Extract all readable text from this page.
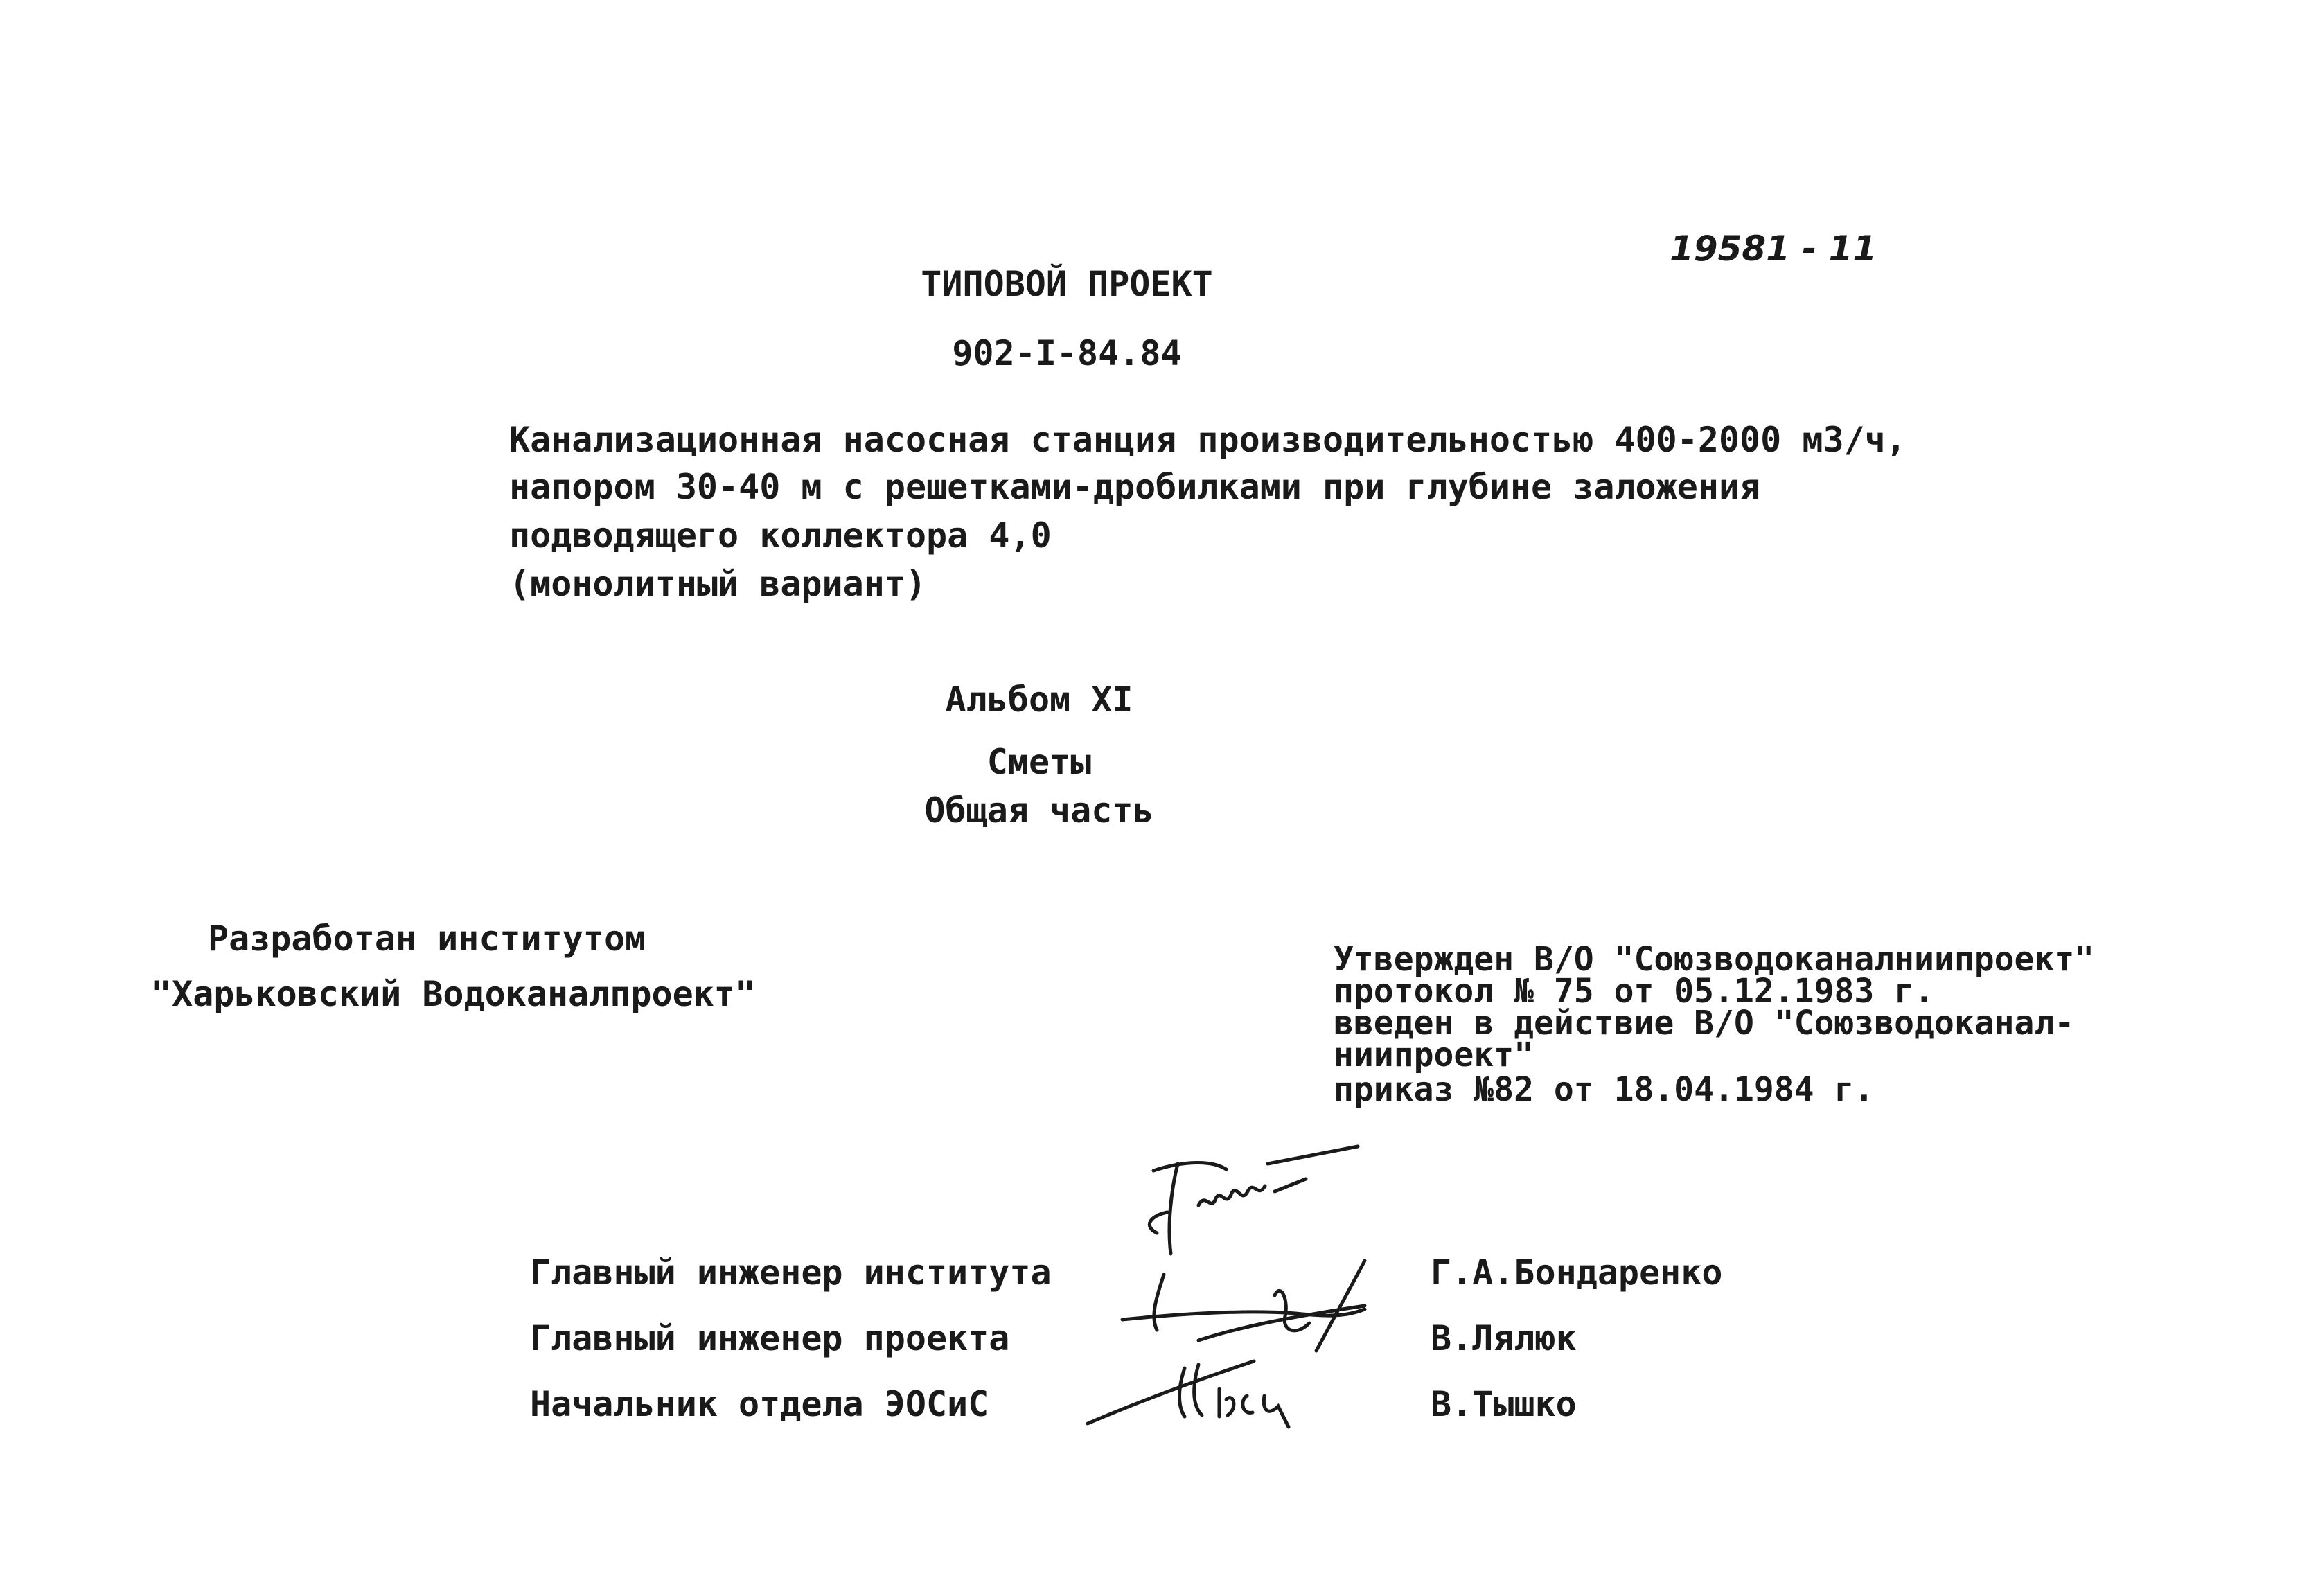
19581 - 11
ТИПОВОЙ ПРОЕКТ
902-I-84.84
Канализационная насосная станция производительностью 400-2000 м3/ч,
напором 30-40 м с решетками-дробилками при глубине заложения
подводящего коллектора 4,0
(монолитный вариант)
Альбом XI
Сметы
Общая часть
Разработан институтом
"Харьковский Водоканалпроект"
Утвержден В/О "Союзводоканалниипроект"
протокол № 75 от 05.12.1983 г.
введен в действие В/О "Союзводоканал-
ниипроект"
приказ №82 от 18.04.1984 г.
Главный инженер института
Главный инженер проекта
Начальник отдела ЭОСиС
Г.А.Бондаренко
В.Лялюк
В.Тышко
